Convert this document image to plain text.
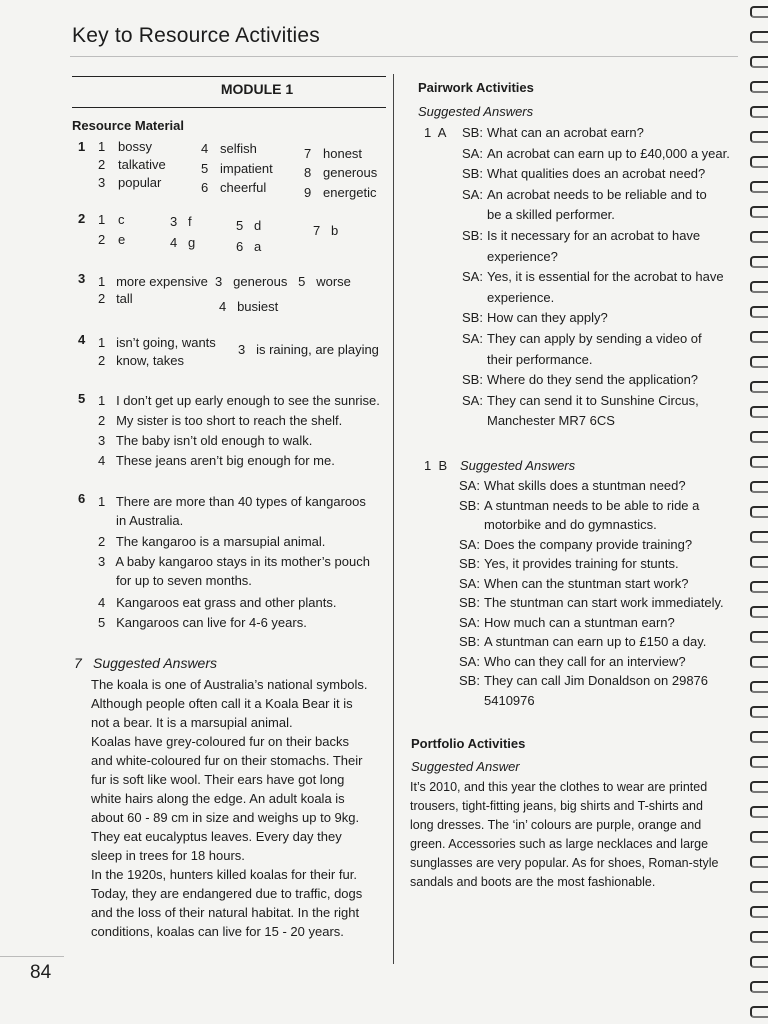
Key to Resource Activities
MODULE 1
Resource Material
1 1 bossy
2 talkative
3 popular
4 selfish
5 impatient
6 cheerful
7 honest
8 generous
9 energetic
2 1 c	3 f	5 d	7 b
2 e	4 g	6 a
3 1   more expensive  3   generous   5   worse
2   tall
4   busiest
4 1   isn’t going, wants 3   is raining, are playing
2   know, takes
5 1   I don’t get up early enough to see the sunrise.
2   My sister is too short to reach the shelf.
3   The baby isn’t old enough to walk.
4   These jeans aren’t big enough for me.
6 1   There are more than 40 types of kangaroos
in Australia.
2   The kangaroo is a marsupial animal.
3   A baby kangaroo stays in its mother’s pouch
for up to seven months.
4   Kangaroos eat grass and other plants.
5   Kangaroos can live for 4-6 years.
7 Suggested Answers
The koala is one of Australia’s national symbols.
Although people often call it a Koala Bear it is
not a bear. It is a marsupial animal.
Koalas have grey-coloured fur on their backs
and white-coloured fur on their stomachs. Their
fur is soft like wool. Their ears have got long
white hairs along the edge. An adult koala is
about 60 - 89 cm in size and weighs up to 9kg.
They eat eucalyptus leaves. Every day they
sleep in trees for 18 hours.
In the 1920s, hunters killed koalas for their fur.
Today, they are endangered due to traffic, dogs
and the loss of their natural habitat. In the right
conditions, koalas can live for 15 - 20 years.
Pairwork Activities
Suggested Answers
1  A SB: What can an acrobat earn?
SA: An acrobat can earn up to £40,000 a year.
SB: What qualities does an acrobat need?
SA: An acrobat needs to be reliable and to
be a skilled performer.
SB: Is it necessary for an acrobat to have
experience?
SA: Yes, it is essential for the acrobat to have
experience.
SB: How can they apply?
SA: They can apply by sending a video of
their performance.
SB: Where do they send the application?
SA: They can send it to Sunshine Circus,
Manchester MR7 6CS
1  B Suggested Answers
SA: What skills does a stuntman need?
SB: A stuntman needs to be able to ride a
motorbike and do gymnastics.
SA: Does the company provide training?
SB: Yes, it provides training for stunts.
SA: When can the stuntman start work?
SB: The stuntman can start work immediately.
SA: How much can a stuntman earn?
SB: A stuntman can earn up to £150 a day.
SA: Who can they call for an interview?
SB: They can call Jim Donaldson on 29876
5410976
Portfolio Activities
Suggested Answer
It’s 2010, and this year the clothes to wear are printed
trousers, tight-fitting jeans, big shirts and T-shirts and
long dresses. The ‘in’ colours are purple, orange and
green. Accessories such as large necklaces and large
sunglasses are very popular. As for shoes, Roman-style
sandals and boots are the most fashionable.
84
